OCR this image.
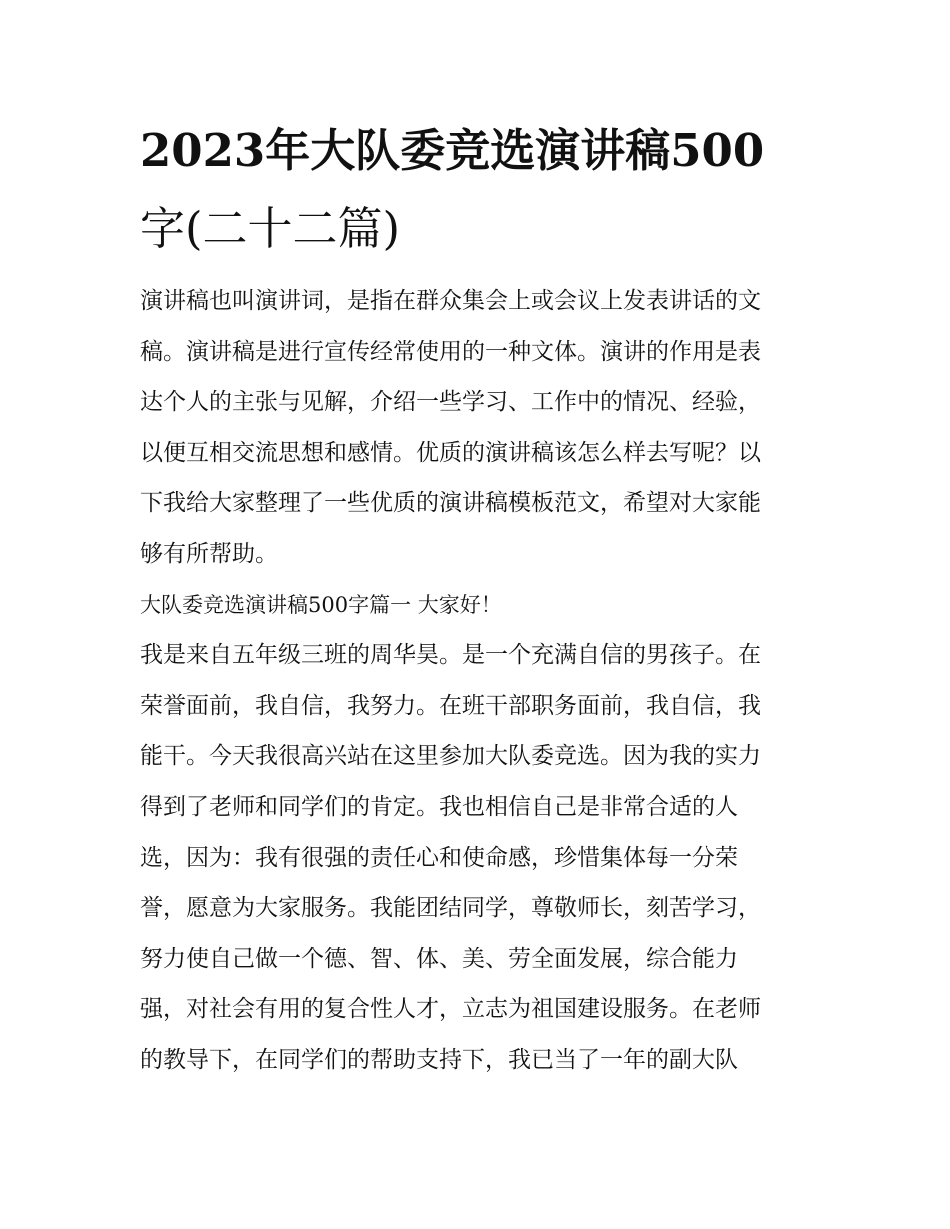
2023年大队委竞选演讲稿500
字(二十二篇)
演讲稿也叫演讲词，是指在群众集会上或会议上发表讲话的文
稿。演讲稿是进行宣传经常使用的一种文体。演讲的作用是表
达个人的主张与见解，介绍一些学习、工作中的情况、经验，
以便互相交流思想和感情。优质的演讲稿该怎么样去写呢？以
下我给大家整理了一些优质的演讲稿模板范文，希望对大家能
够有所帮助。
大队委竞选演讲稿500字篇一 大家好！
我是来自五年级三班的周华昊。是一个充满自信的男孩子。在
荣誉面前，我自信，我努力。在班干部职务面前，我自信，我
能干。今天我很高兴站在这里参加大队委竞选。因为我的实力
得到了老师和同学们的肯定。我也相信自己是非常合适的人
选，因为：我有很强的责任心和使命感，珍惜集体每一分荣
誉，愿意为大家服务。我能团结同学，尊敬师长，刻苦学习，
努力使自己做一个德、智、体、美、劳全面发展，综合能力
强，对社会有用的复合性人才，立志为祖国建设服务。在老师
的教导下，在同学们的帮助支持下，我已当了一年的副大队
